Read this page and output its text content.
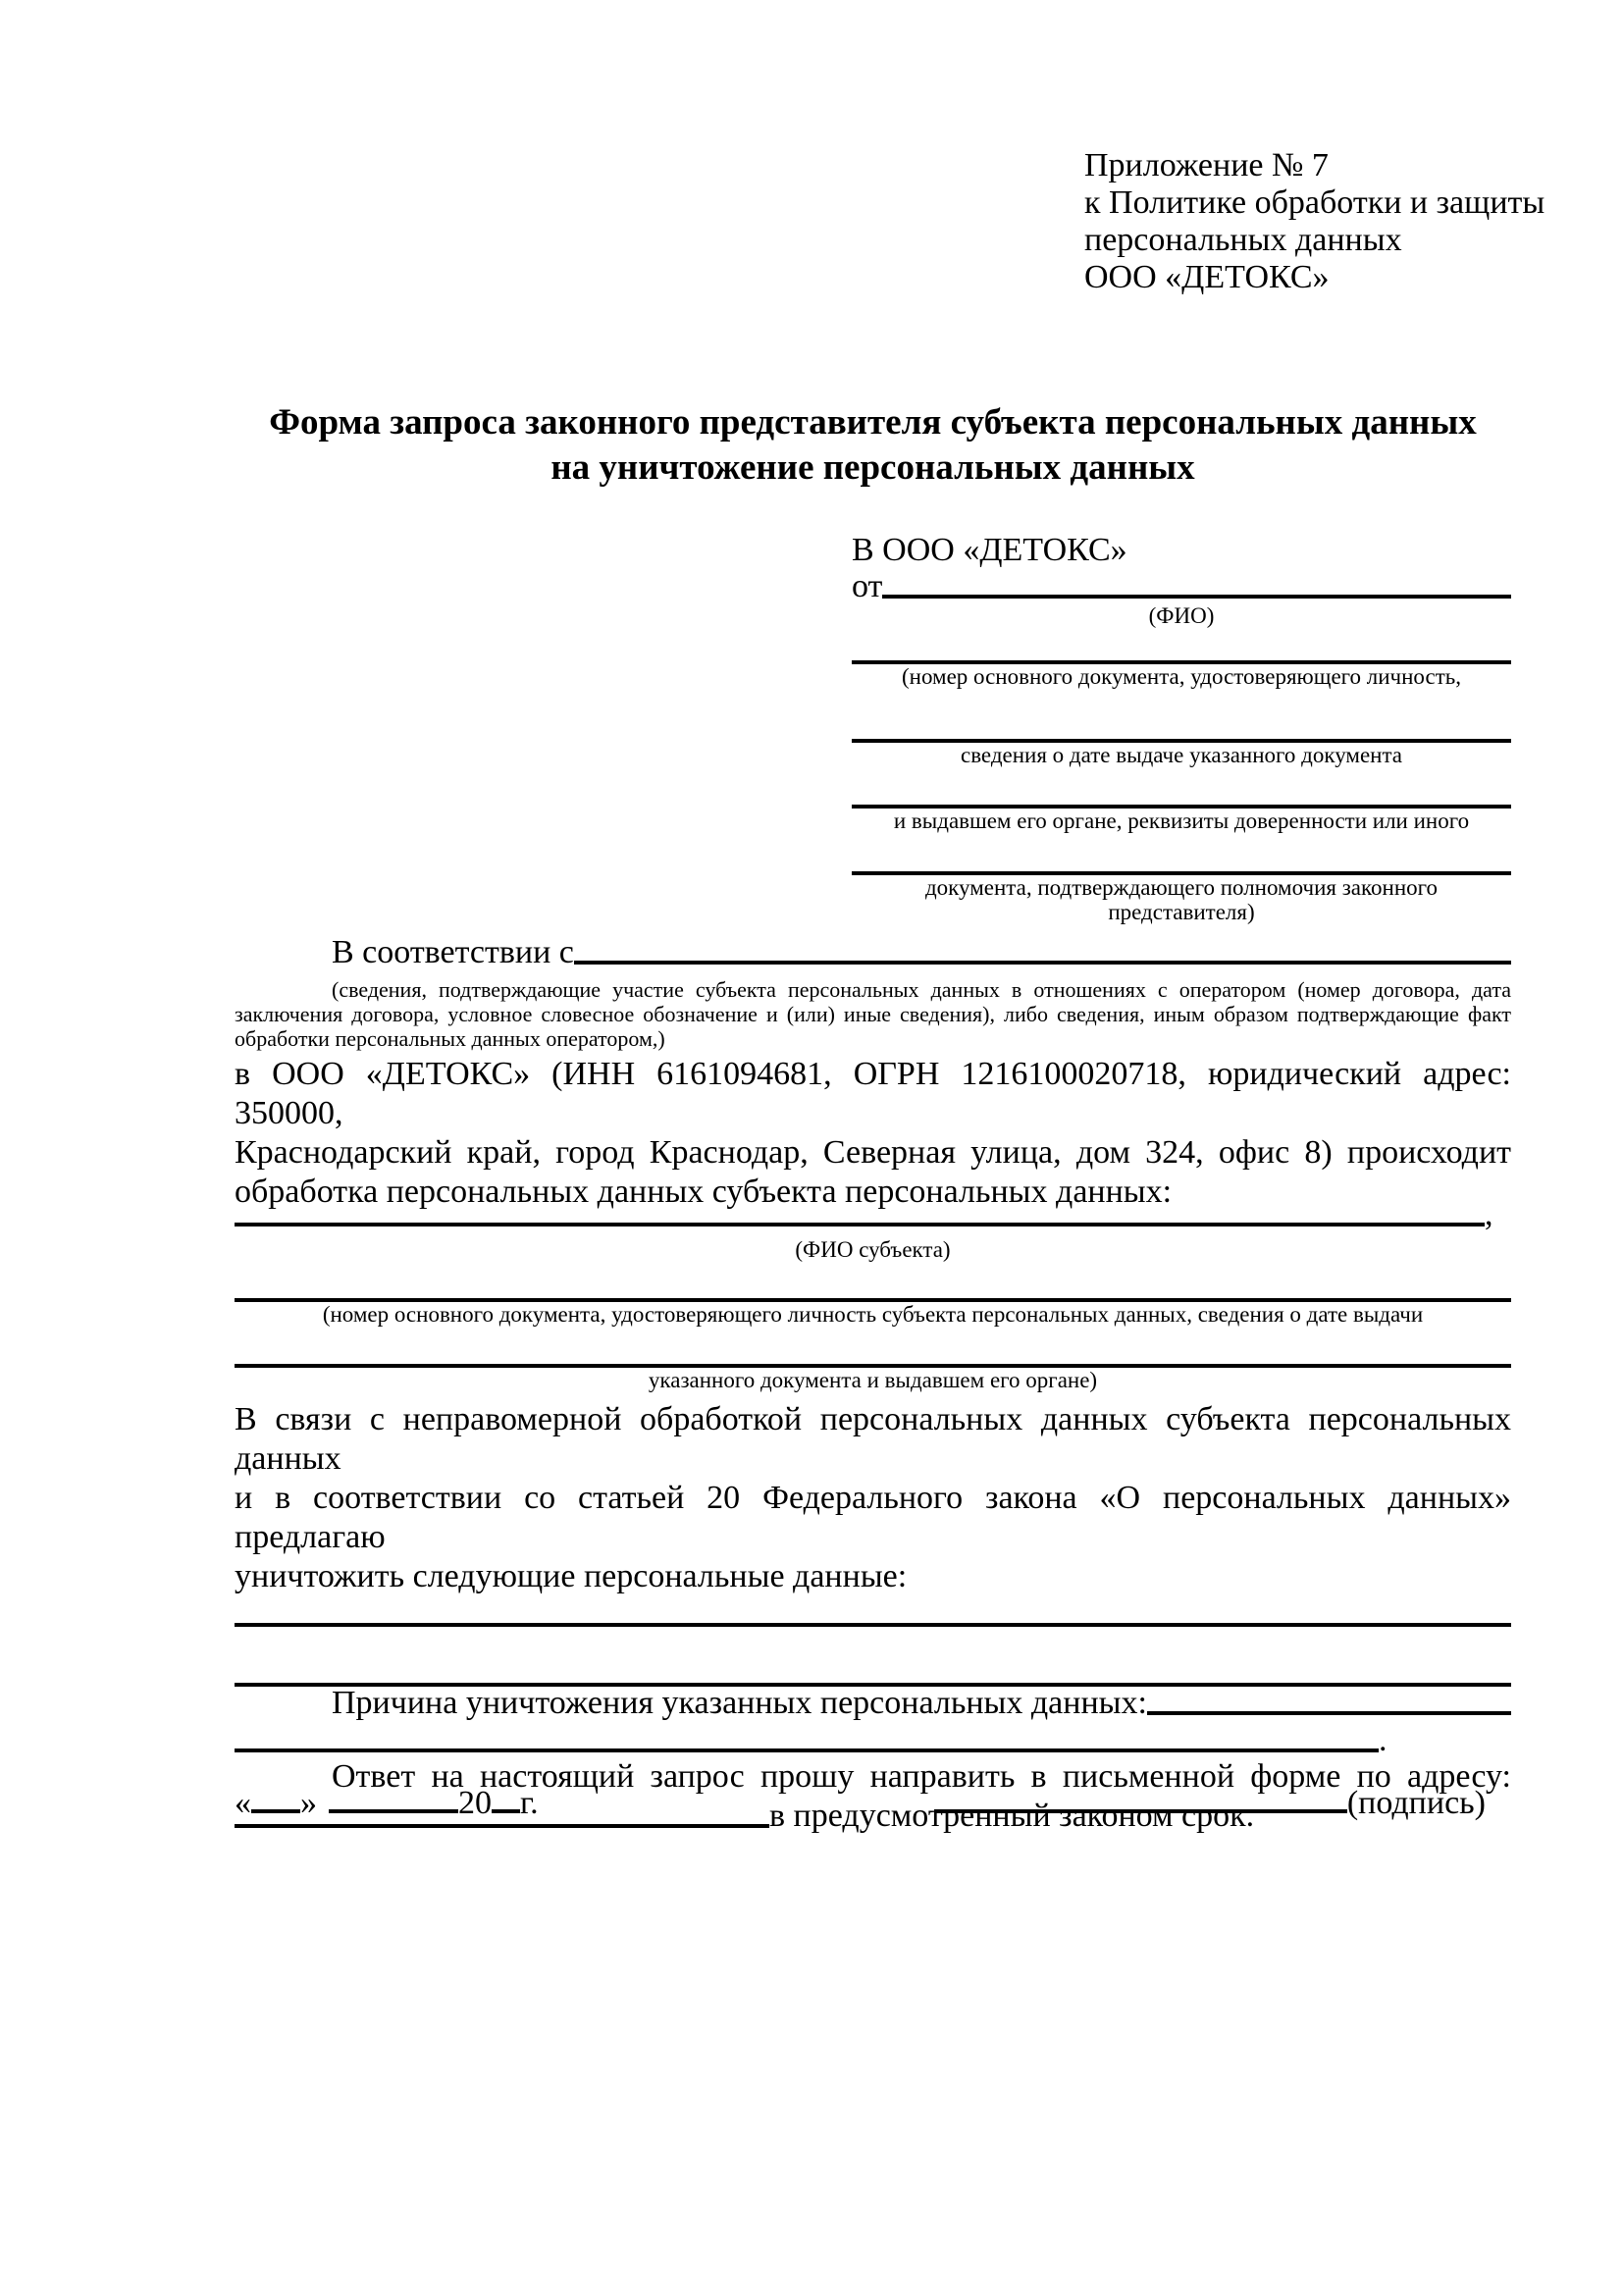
Приложение № 7
к Политике обработки и защиты
персональных данных
ООО «ДЕТОКС»
Форма запроса законного представителя субъекта персональных данных
на уничтожение персональных данных
В ООО «ДЕТОКС»
от
(ФИО)
(номер основного документа, удостоверяющего личность,
сведения о дате выдаче указанного документа
и выдавшем его органе, реквизиты доверенности или иного
документа, подтверждающего полномочия законного представителя)
В соответствии с
(сведения, подтверждающие участие субъекта персональных данных в отношениях с оператором (номер договора, дата
заключения договора, условное словесное обозначение и (или) иные сведения), либо сведения, иным образом подтверждающие факт
обработки персональных данных оператором,)
в ООО «ДЕТОКС» (ИНН 6161094681, ОГРН 1216100020718, юридический адрес: 350000,
Краснодарский край, город Краснодар, Северная улица, дом 324, офис 8) происходит
обработка персональных данных субъекта персональных данных:
,
(ФИО субъекта)
(номер основного документа, удостоверяющего личность субъекта персональных данных, сведения о дате выдачи
указанного документа и выдавшем его органе)
В связи с неправомерной обработкой персональных данных субъекта персональных данных
и в соответствии со статьей 20 Федерального закона «О персональных данных» предлагаю
уничтожить следующие персональные данные:
Причина уничтожения указанных персональных данных:
.
Ответ на настоящий запрос прошу направить в письменной форме по адресу:
в предусмотренный законом срок.
« »	20 г.	(подпись)
